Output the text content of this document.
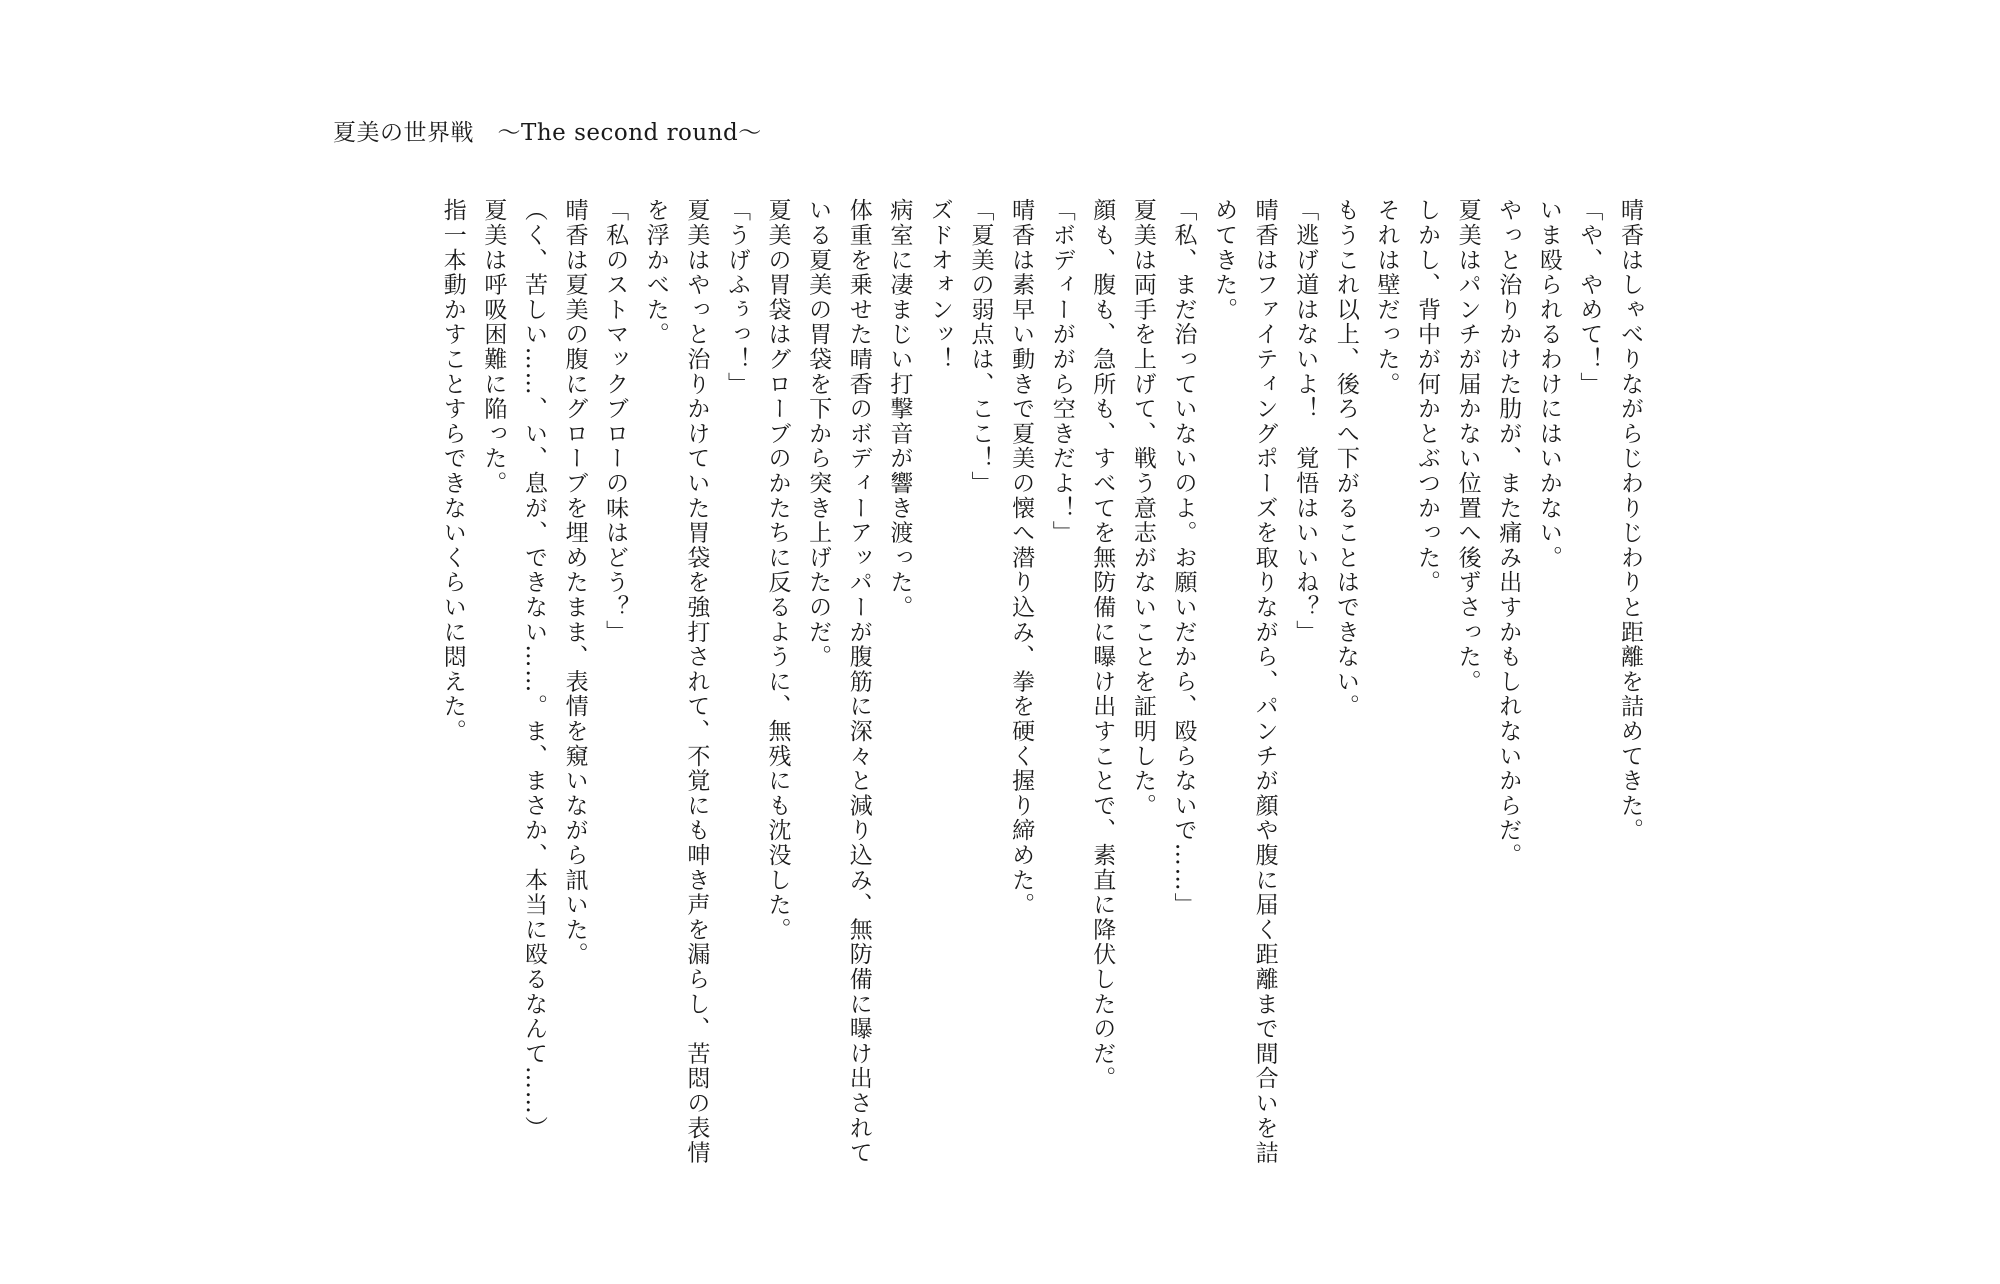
夏美の世界戦　〜The second round〜
晴香はしゃべりながらじわりじわりと距離を詰めてきた。
「や、やめて！」
いま殴られるわけにはいかない。
やっと治りかけた肋が、また痛み出すかもしれないからだ。
夏美はパンチが届かない位置へ後ずさった。
しかし、背中が何かとぶつかった。
それは壁だった。
もうこれ以上、後ろへ下がることはできない。
「逃げ道はないよ！　覚悟はいいね？」
晴香はファイティングポーズを取りながら、パンチが顔や腹に届く距離まで間合いを詰
めてきた。
「私、まだ治っていないのよ。お願いだから、殴らないで……」
夏美は両手を上げて、戦う意志がないことを証明した。
顔も、腹も、急所も、すべてを無防備に曝け出すことで、素直に降伏したのだ。
「ボディーががら空きだよ！」
晴香は素早い動きで夏美の懐へ潜り込み、拳を硬く握り締めた。
「夏美の弱点は、ここ！」
ズドオォンッ！
病室に凄まじい打撃音が響き渡った。
体重を乗せた晴香のボディーアッパーが腹筋に深々と減り込み、無防備に曝け出されて
いる夏美の胃袋を下から突き上げたのだ。
夏美の胃袋はグローブのかたちに反るように、無残にも沈没した。
「うげふぅっ！」
夏美はやっと治りかけていた胃袋を強打されて、不覚にも呻き声を漏らし、苦悶の表情
を浮かべた。
「私のストマックブローの味はどう？」
晴香は夏美の腹にグローブを埋めたまま、表情を窺いながら訊いた。
（く、苦しい……、い、息が、できない……。ま、まさか、本当に殴るなんて……）
夏美は呼吸困難に陥った。
指一本動かすことすらできないくらいに悶えた。
